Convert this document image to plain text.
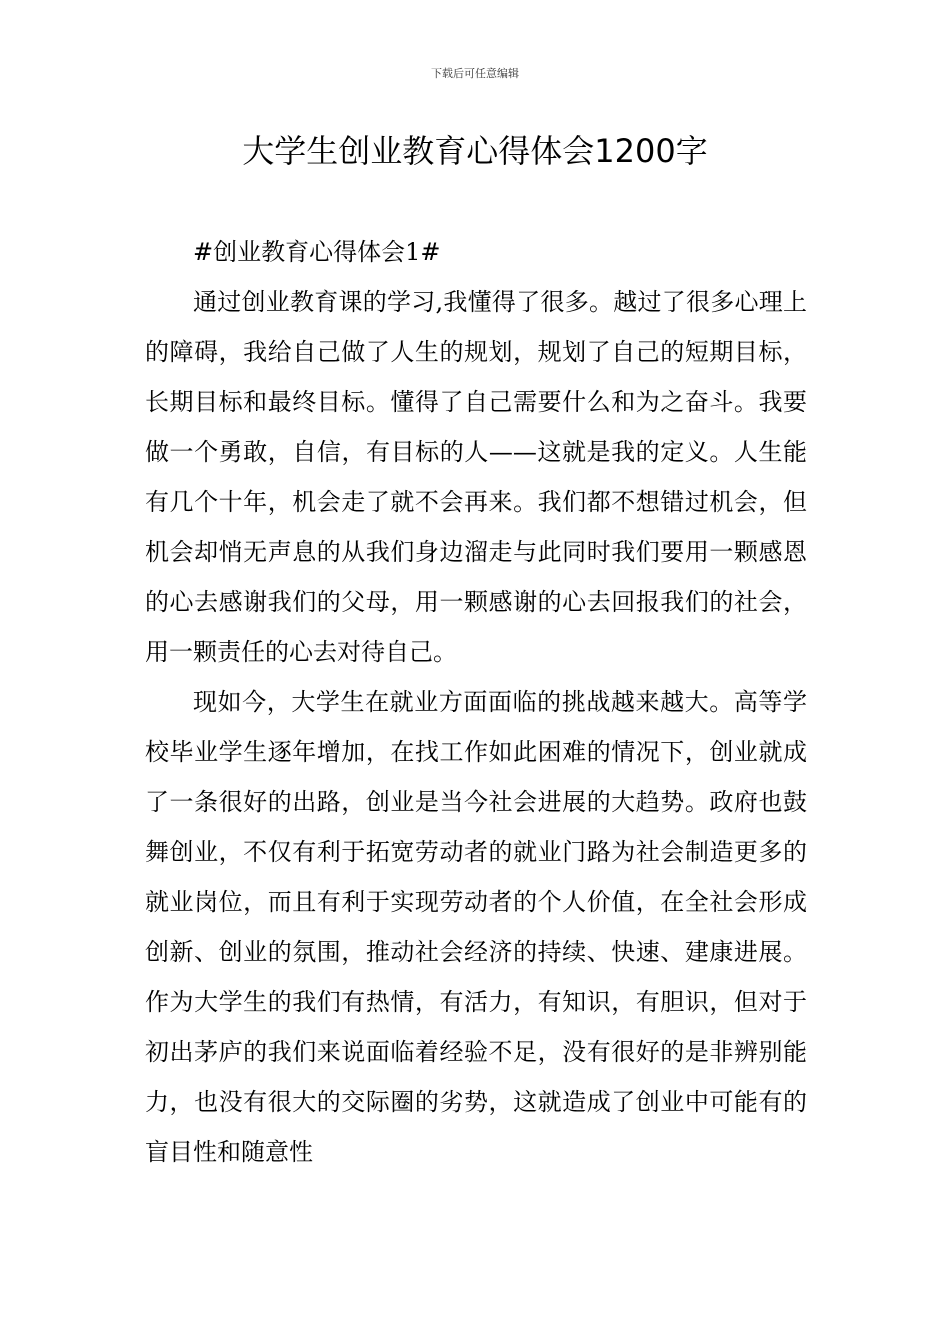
下载后可任意编辑
大学生创业教育心得体会1200字

#创业教育心得体会1#

通过创业教育课的学习,我懂得了很多。越过了很多心理上的障碍，我给自己做了人生的规划，规划了自己的短期目标，长期目标和最终目标。懂得了自己需要什么和为之奋斗。我要做一个勇敢，自信，有目标的人——这就是我的定义。人生能有几个十年，机会走了就不会再来。我们都不想错过机会，但机会却悄无声息的从我们身边溜走与此同时我们要用一颗感恩的心去感谢我们的父母，用一颗感谢的心去回报我们的社会，用一颗责任的心去对待自己。

现如今，大学生在就业方面面临的挑战越来越大。高等学校毕业学生逐年增加，在找工作如此困难的情况下，创业就成了一条很好的出路，创业是当今社会进展的大趋势。政府也鼓舞创业，不仅有利于拓宽劳动者的就业门路为社会制造更多的就业岗位，而且有利于实现劳动者的个人价值，在全社会形成创新、创业的氛围，推动社会经济的持续、快速、建康进展。作为大学生的我们有热情，有活力，有知识，有胆识，但对于初出茅庐的我们来说面临着经验不足，没有很好的是非辨别能力，也没有很大的交际圈的劣势，这就造成了创业中可能有的盲目性和随意性
